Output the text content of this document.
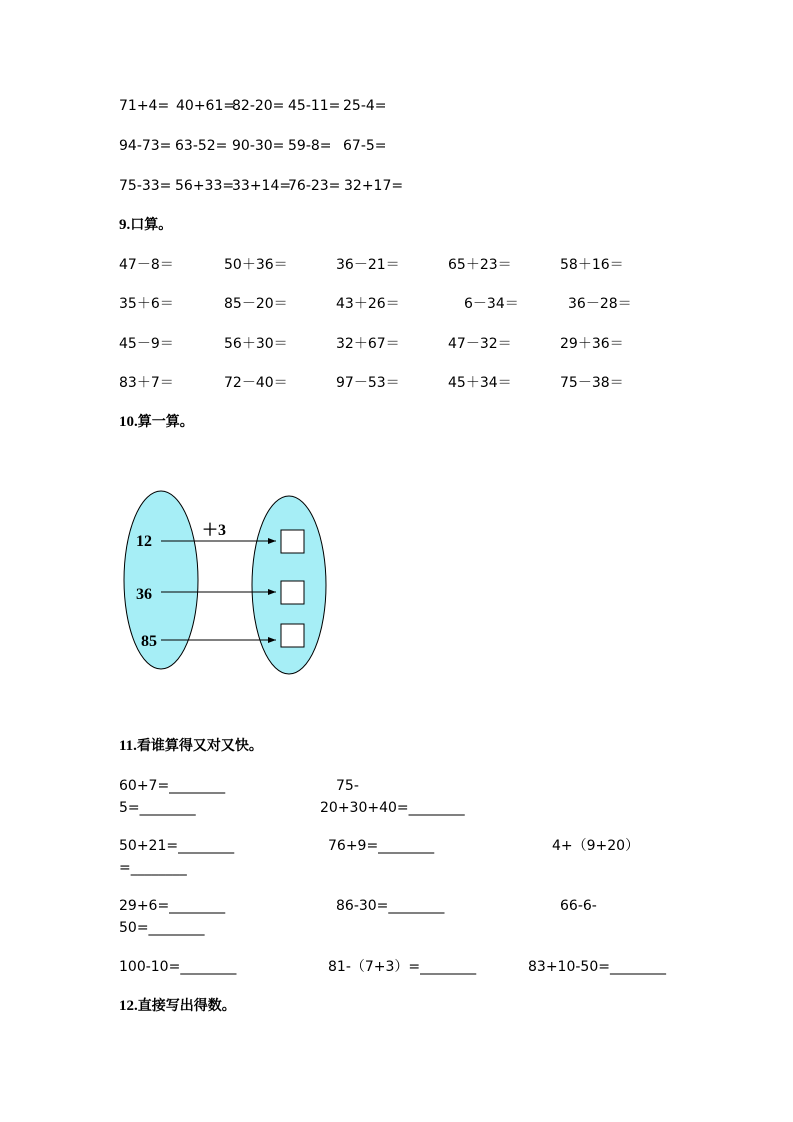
71+4= 40+61=
82-20= 45-11= 25-4=
94-73= 63-52= 90-30= 59-8= 67-5=
75-33= 56+33=
33+14=
76-23= 32+17=
9.口算。
47－8＝	50＋36＝	36－21＝	65＋23＝	58＋16＝
35＋6＝	85－20＝	43＋26＝	6－34＝	36－28＝
45－9＝	56＋30＝	32＋67＝	47－32＝	29＋36＝
83＋7＝	72－40＝	97－53＝	45＋34＝	75－38＝
10.算一算。
＋3
12
36
85
11.看谁算得又对又快。
60+7=________	75-
5=________	20+30+40=________
50+21=________	76+9=________	4+（9+20）
=________
29+6=________	86-30=________	66-6-
50=________
100-10=________	81-（7+3）=________	83+10-50=________
12.直接写出得数。
